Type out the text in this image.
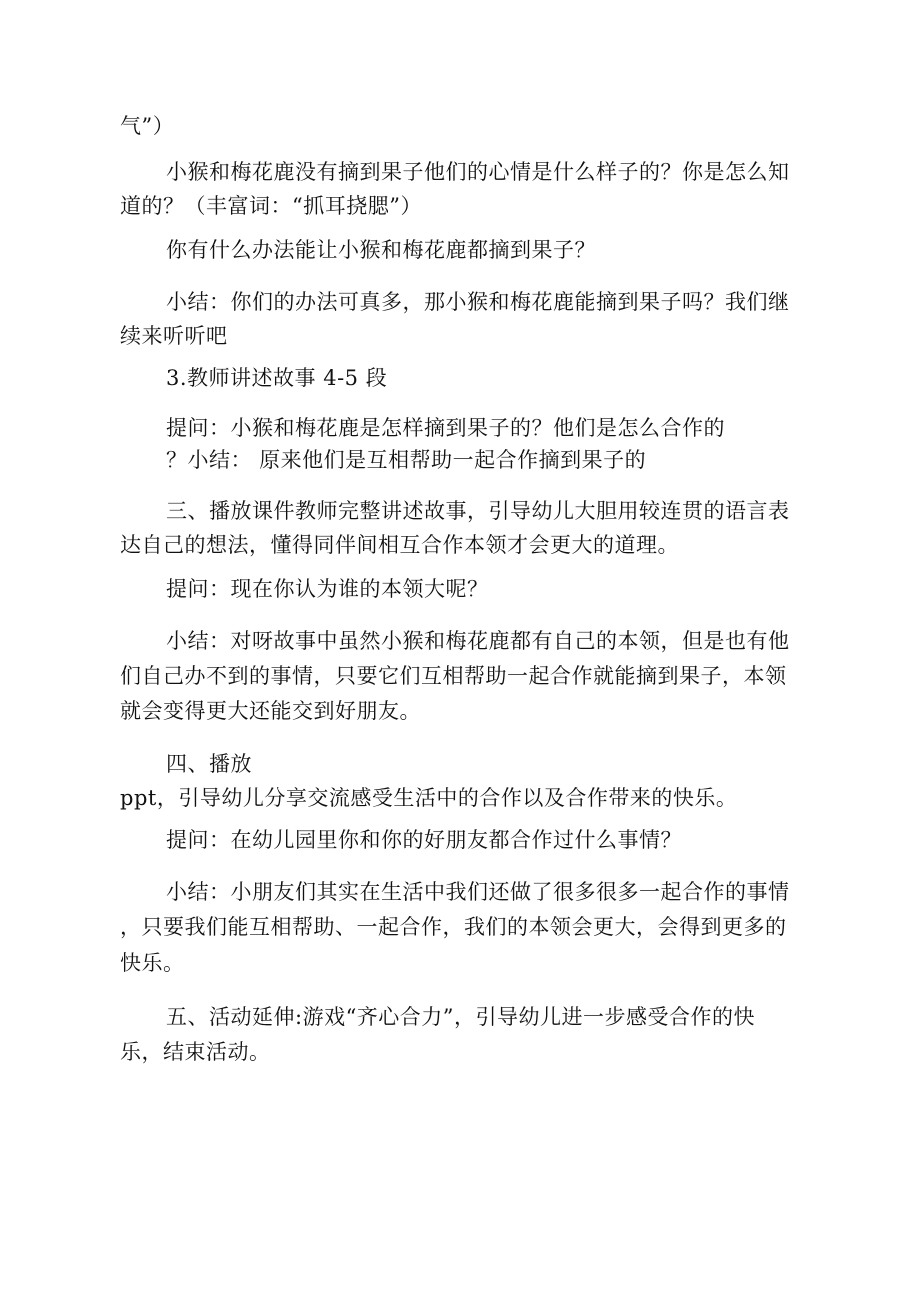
气”）
小猴和梅花鹿没有摘到果子他们的心情是什么样子的？你是怎么知
道的？（丰富词：“抓耳挠腮”）
你有什么办法能让小猴和梅花鹿都摘到果子？
小结：你们的办法可真多，那小猴和梅花鹿能摘到果子吗？我们继
续来听听吧
3.教师讲述故事 4-5 段
提问：小猴和梅花鹿是怎样摘到果子的？他们是怎么合作的
？小结： 原来他们是互相帮助一起合作摘到果子的
三、播放课件教师完整讲述故事，引导幼儿大胆用较连贯的语言表
达自己的想法，懂得同伴间相互合作本领才会更大的道理。
提问：现在你认为谁的本领大呢？
小结：对呀故事中虽然小猴和梅花鹿都有自己的本领，但是也有他
们自己办不到的事情，只要它们互相帮助一起合作就能摘到果子，本领
就会变得更大还能交到好朋友。
四、播放
ppt，引导幼儿分享交流感受生活中的合作以及合作带来的快乐。
提问：在幼儿园里你和你的好朋友都合作过什么事情？
小结：小朋友们其实在生活中我们还做了很多很多一起合作的事情
，只要我们能互相帮助、一起合作，我们的本领会更大，会得到更多的
快乐。
五、活动延伸:游戏“齐心合力”，引导幼儿进一步感受合作的快
乐，结束活动。
